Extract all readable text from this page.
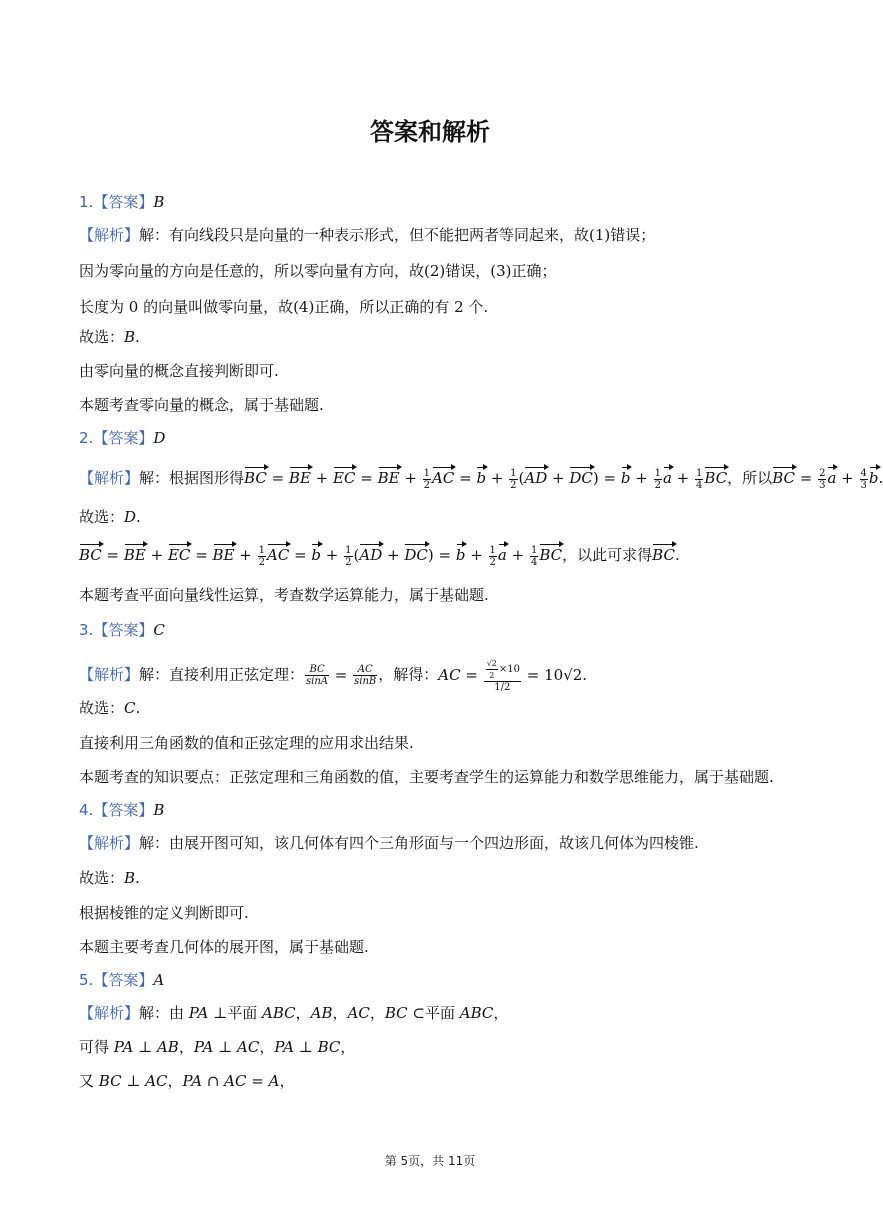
答案和解析
1.【答案】B
【解析】解：有向线段只是向量的一种表示形式，但不能把两者等同起来，故(1)错误；
因为零向量的方向是任意的，所以零向量有方向，故(2)错误，(3)正确；
长度为 0 的向量叫做零向量，故(4)正确，所以正确的有 2 个.
故选：B.
由零向量的概念直接判断即可.
本题考查零向量的概念，属于基础题.
2.【答案】D
【解析】解：根据图形得BC = BE + EC = BE + $\frac{1}{2}$ AC = $b + \frac{1}{2} (AD + DC) = b + \frac{1}{2}$ $a + \frac{1}{4}$ BC，所以BC = $\frac{2}{3}$ $a + \frac{4}{3} b$.
故选：D.
BC = BE + EC = BE + $\frac{1}{2}$ AC = $b + \frac{1}{2} (AD + DC) = b + \frac{1}{2}$ $a + \frac{1}{4}$ BC，以此可求得BC.
本题考查平面向量线性运算，考查数学运算能力，属于基础题.
3.【答案】C
【解析】解：直接利用正弦定理： $\frac{BC}{\sin A} = \frac{AC}{\sin B}$ ，解得：AC = $\frac{\frac{√2}{2} \times 10}{1/2} = 10√2$.
故选：C.
直接利用三角函数的值和正弦定理的应用求出结果.
本题考查的知识要点：正弦定理和三角函数的值，主要考查学生的运算能力和数学思维能力，属于基础题.
4.【答案】B
【解析】解：由展开图可知，该几何体有四个三角形面与一个四边形面，故该几何体为四棱锥.
故选：B.
根据棱锥的定义判断即可.
本题主要考查几何体的展开图，属于基础题.
5.【答案】A
【解析】解：由 PA ⊥平面 ABC，AB，AC，BC ⊂平面 ABC，
可得 PA ⊥ AB，PA ⊥ AC，PA ⊥ BC，
又 BC ⊥ AC，PA ∩ AC = A，
第 5页，共 11页
